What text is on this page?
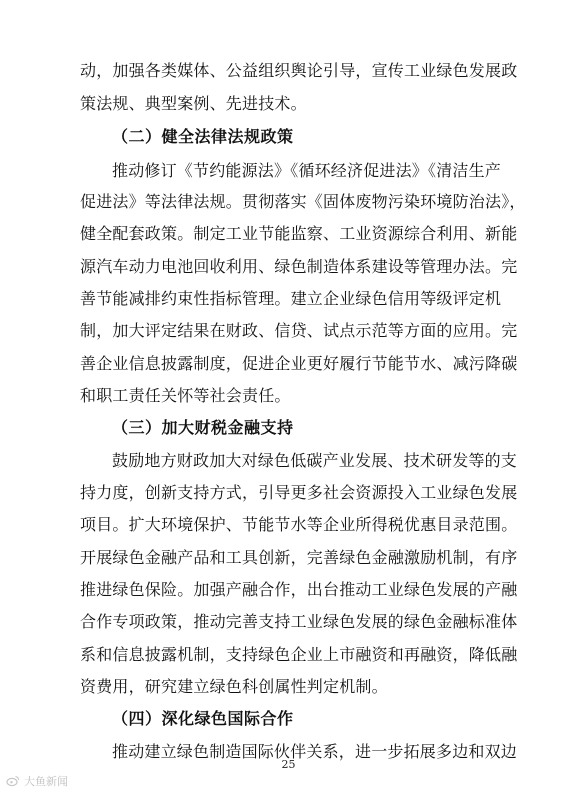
动，加强各类媒体、公益组织舆论引导，宣传工业绿色发展政
策法规、典型案例、先进技术。
（二）健全法律法规政策
推动修订《节约能源法》《循环经济促进法》《清洁生产
促进法》等法律法规。贯彻落实《固体废物污染环境防治法》，
健全配套政策。制定工业节能监察、工业资源综合利用、新能
源汽车动力电池回收利用、绿色制造体系建设等管理办法。完
善节能减排约束性指标管理。建立企业绿色信用等级评定机
制，加大评定结果在财政、信贷、试点示范等方面的应用。完
善企业信息披露制度，促进企业更好履行节能节水、减污降碳
和职工责任关怀等社会责任。
（三）加大财税金融支持
鼓励地方财政加大对绿色低碳产业发展、技术研发等的支
持力度，创新支持方式，引导更多社会资源投入工业绿色发展
项目。扩大环境保护、节能节水等企业所得税优惠目录范围。
开展绿色金融产品和工具创新，完善绿色金融激励机制，有序
推进绿色保险。加强产融合作，出台推动工业绿色发展的产融
合作专项政策，推动完善支持工业绿色发展的绿色金融标准体
系和信息披露机制，支持绿色企业上市融资和再融资，降低融
资费用，研究建立绿色科创属性判定机制。
（四）深化绿色国际合作
推动建立绿色制造国际伙伴关系，进一步拓展多边和双边
25
大鱼新闻
